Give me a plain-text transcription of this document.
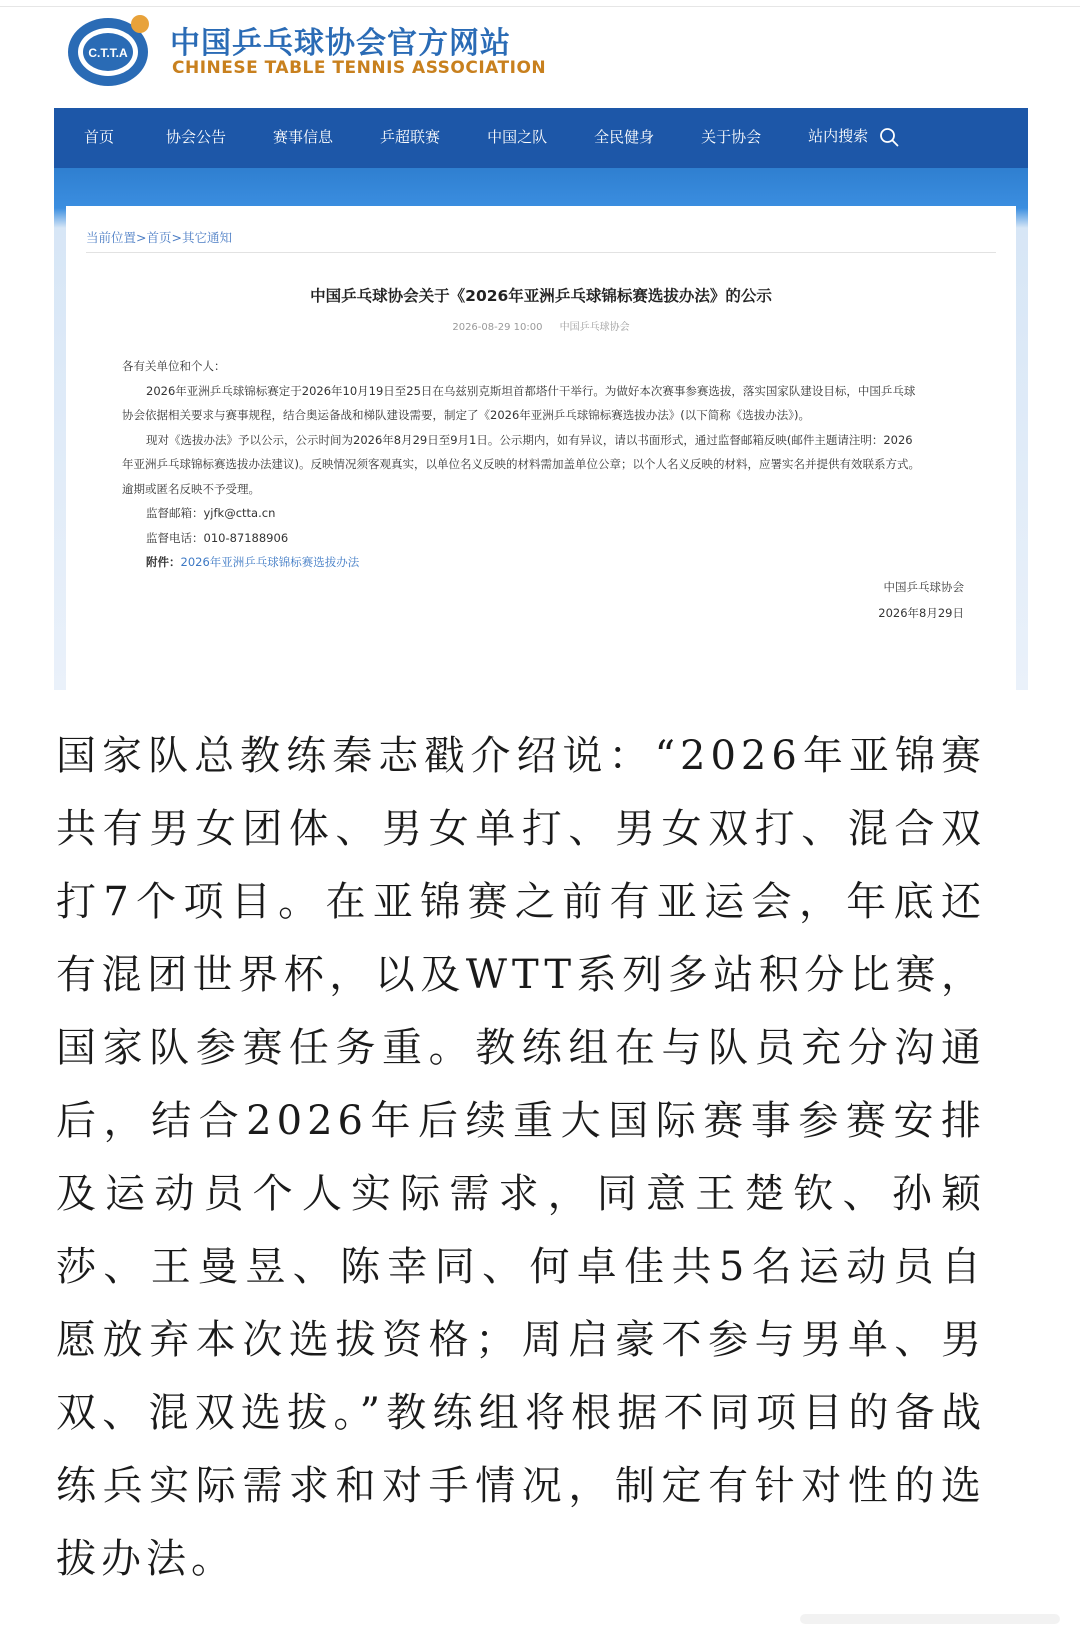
C.T.T.A 中国乒乓球协会官方网站
CHINESE TABLE TENNIS ASSOCIATION
首页	协会公告	赛事信息	乒超联赛	中国之队	全民健身	关于协会	站内搜索
当前位置>首页>其它通知
中国乒乓球协会关于《2026年亚洲乒乓球锦标赛选拔办法》的公示
2026-08-29 10:00 中国乒乓球协会

各有关单位和个人：

2026年亚洲乒乓球锦标赛定于2026年10月19日至25日在乌兹别克斯坦首都塔什干举行。为做好本次赛事参赛选拔，落实国家队建设目标，中国乒乓球协会依据相关要求与赛事规程，结合奥运备战和梯队建设需要，制定了《2026年亚洲乒乓球锦标赛选拔办法》(以下简称《选拔办法》)。

现对《选拔办法》予以公示，公示时间为2026年8月29日至9月1日。公示期内，如有异议，请以书面形式，通过监督邮箱反映(邮件主题请注明：2026年亚洲乒乓球锦标赛选拔办法建议)。反映情况须客观真实，以单位名义反映的材料需加盖单位公章；以个人名义反映的材料，应署实名并提供有效联系方式。逾期或匿名反映不予受理。

监督邮箱：yjfk@ctta.cn

监督电话：010-87188906

附件：2026年亚洲乒乓球锦标赛选拔办法

中国乒乓球协会
2026年8月29日
国家队总教练秦志戳介绍说：“2026年亚锦赛共有男女团体、男女单打、男女双打、混合双打7个项目。在亚锦赛之前有亚运会，年底还有混团世界杯，以及WTT系列多站积分比赛，国家队参赛任务重。教练组在与队员充分沟通后，结合2026年后续重大国际赛事参赛安排及运动员个人实际需求，同意王楚钦、孙颖莎、王曼昱、陈幸同、何卓佳共5名运动员自愿放弃本次选拔资格；周启豪不参与男单、男双、混双选拔。”教练组将根据不同项目的备战练兵实际需求和对手情况，制定有针对性的选拔办法。
